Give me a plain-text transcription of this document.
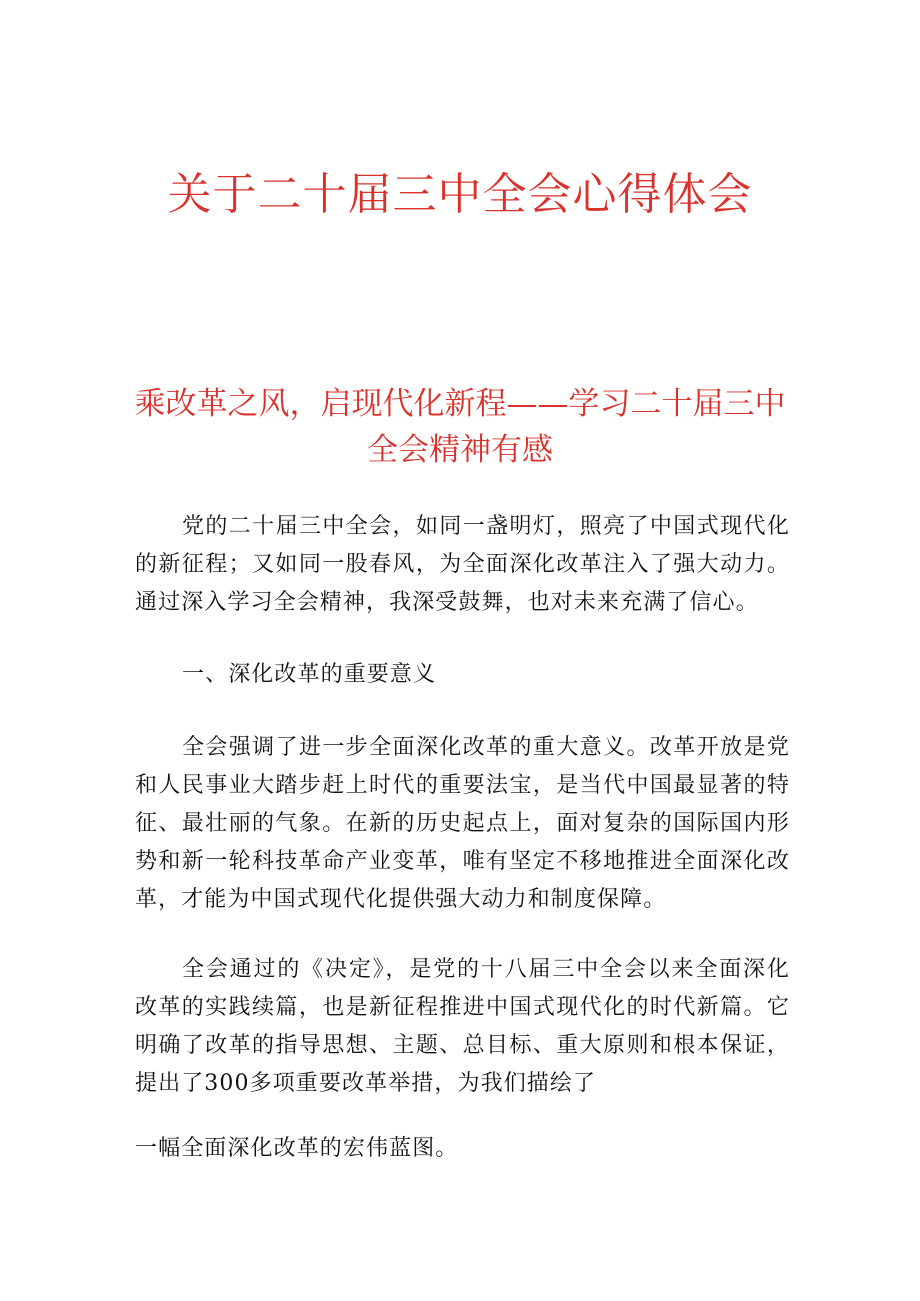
关于二十届三中全会心得体会
乘改革之风，启现代化新程——学习二十届三中全会精神有感

党的二十届三中全会，如同一盏明灯，照亮了中国式现代化的新征程；又如同一股春风，为全面深化改革注入了强大动力。通过深入学习全会精神，我深受鼓舞，也对未来充满了信心。

一、深化改革的重要意义

全会强调了进一步全面深化改革的重大意义。改革开放是党和人民事业大踏步赶上时代的重要法宝，是当代中国最显著的特征、最壮丽的气象。在新的历史起点上，面对复杂的国际国内形势和新一轮科技革命产业变革，唯有坚定不移地推进全面深化改革，才能为中国式现代化提供强大动力和制度保障。

全会通过的《决定》，是党的十八届三中全会以来全面深化改革的实践续篇，也是新征程推进中国式现代化的时代新篇。它明确了改革的指导思想、主题、总目标、重大原则和根本保证，提出了300多项重要改革举措，为我们描绘了

一幅全面深化改革的宏伟蓝图。
